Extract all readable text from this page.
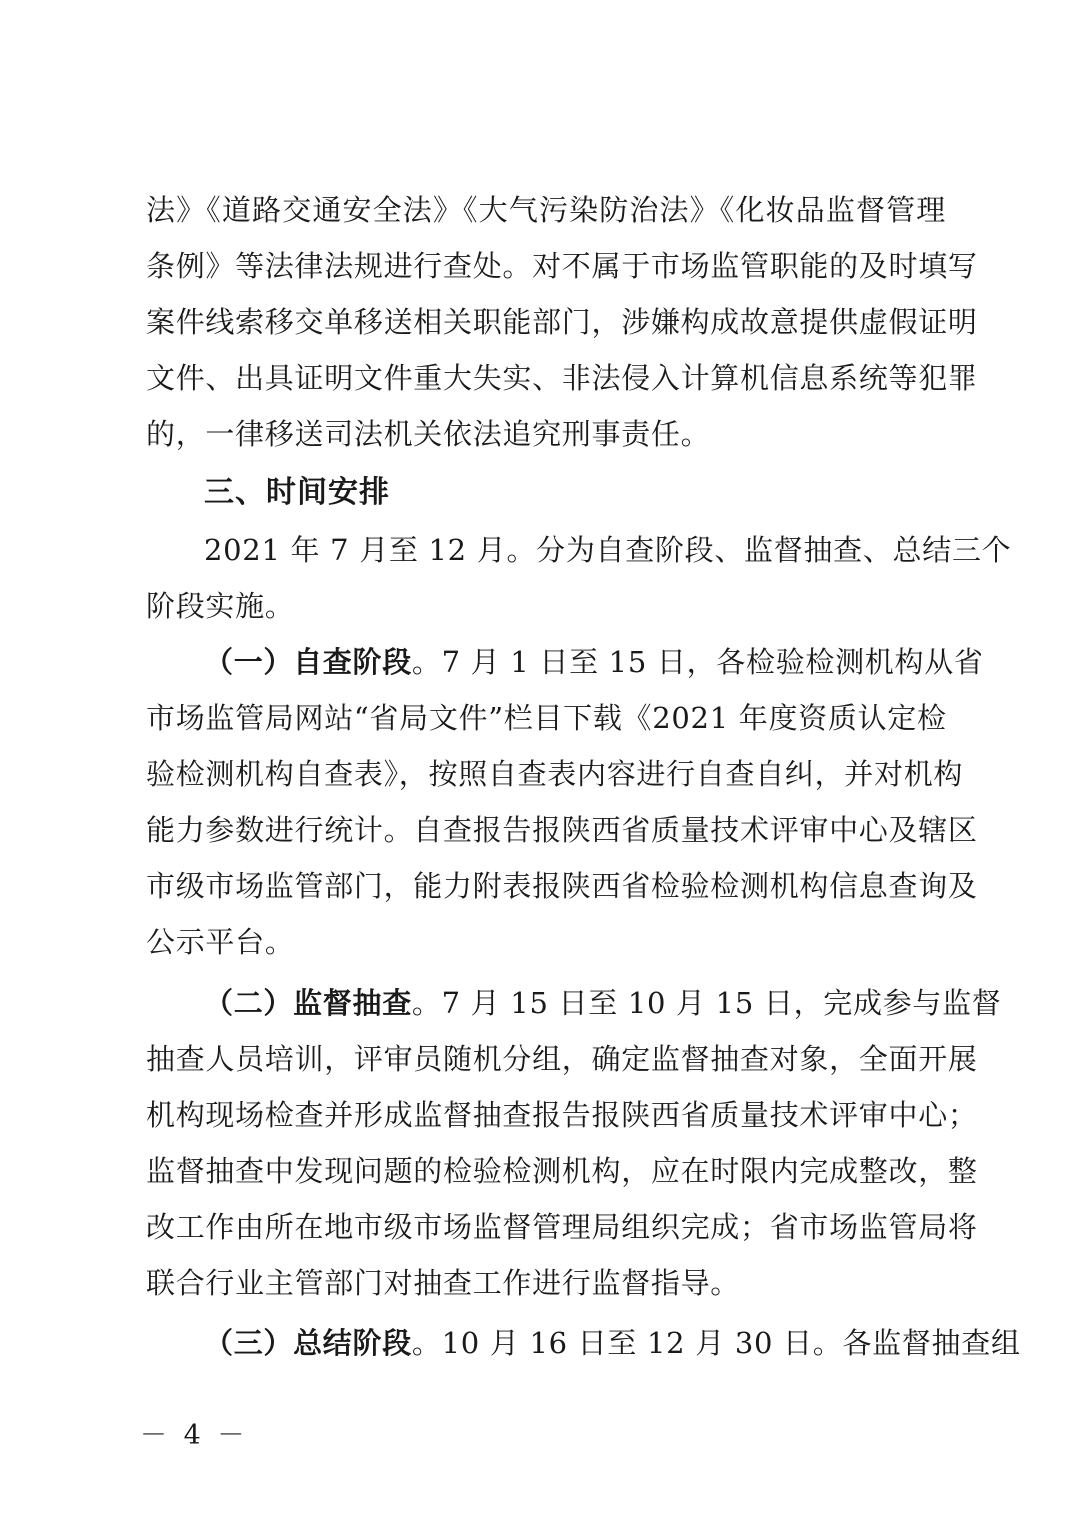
法》《道路交通安全法》《大气污染防治法》《化妆品监督管理
条例》等法律法规进行查处。对不属于市场监管职能的及时填写
案件线索移交单移送相关职能部门，涉嫌构成故意提供虚假证明
文件、出具证明文件重大失实、非法侵入计算机信息系统等犯罪
的，一律移送司法机关依法追究刑事责任。
三、时间安排
2021 年 7 月至 12 月。分为自查阶段、监督抽查、总结三个
阶段实施。
（一）自查阶段。7 月 1 日至 15 日，各检验检测机构从省
市场监管局网站“省局文件”栏目下载《2021 年度资质认定检
验检测机构自查表》，按照自查表内容进行自查自纠，并对机构
能力参数进行统计。自查报告报陕西省质量技术评审中心及辖区
市级市场监管部门，能力附表报陕西省检验检测机构信息查询及
公示平台。
（二）监督抽查。7 月 15 日至 10 月 15 日，完成参与监督
抽查人员培训，评审员随机分组，确定监督抽查对象，全面开展
机构现场检查并形成监督抽查报告报陕西省质量技术评审中心；
监督抽查中发现问题的检验检测机构，应在时限内完成整改，整
改工作由所在地市级市场监督管理局组织完成；省市场监管局将
联合行业主管部门对抽查工作进行监督指导。
（三）总结阶段。10 月 16 日至 12 月 30 日。各监督抽查组
－ 4 －
